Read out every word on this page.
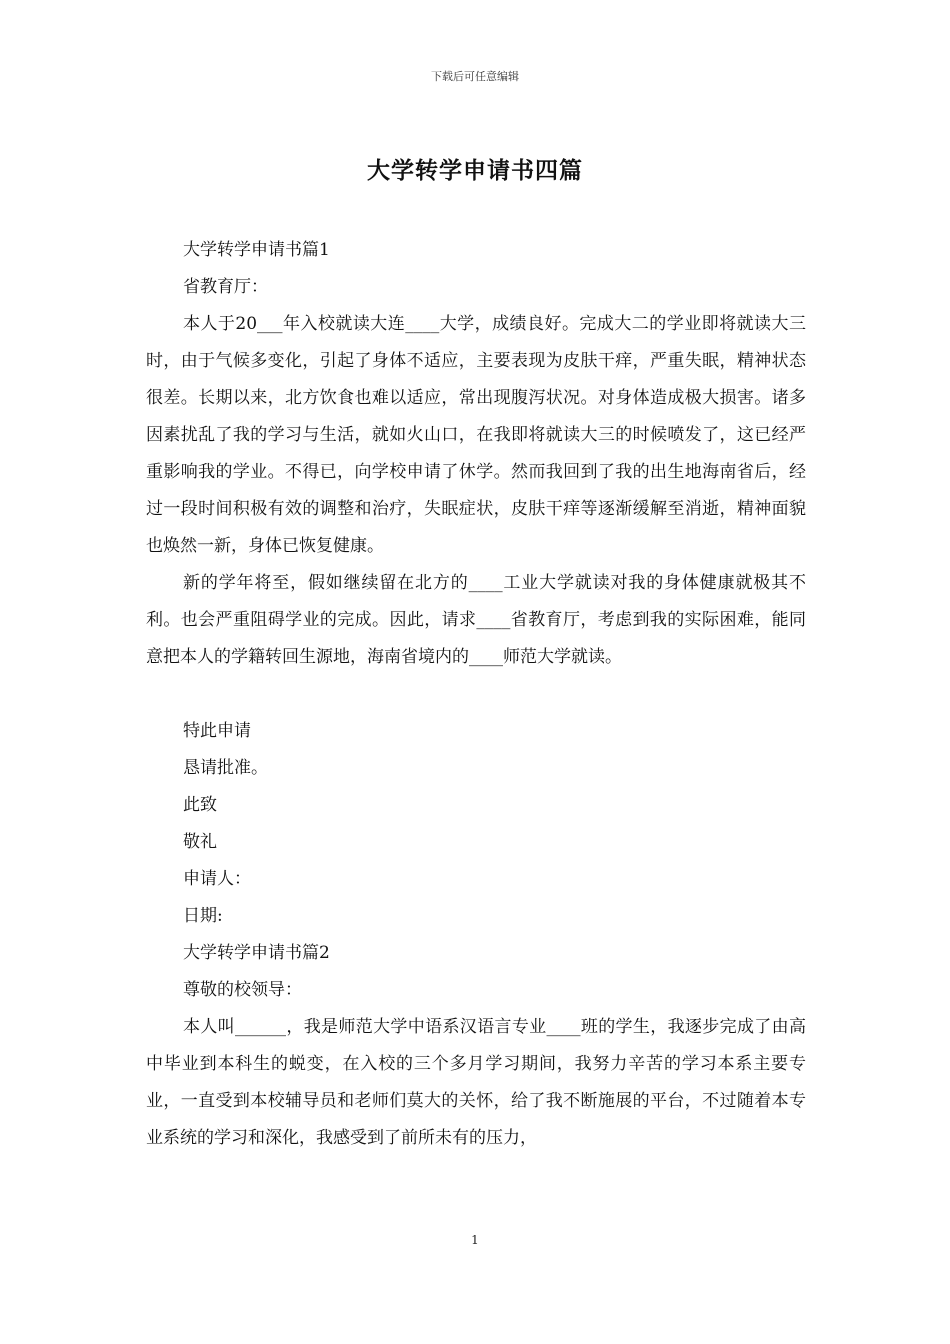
下载后可任意编辑
大学转学申请书四篇

大学转学申请书篇1

省教育厅：

本人于20___年入校就读大连____大学，成绩良好。完成大二的学业即将就读大三时，由于气候多变化，引起了身体不适应，主要表现为皮肤干痒，严重失眠，精神状态很差。长期以来，北方饮食也难以适应，常出现腹泻状况。对身体造成极大损害。诸多因素扰乱了我的学习与生活，就如火山口，在我即将就读大三的时候喷发了，这已经严重影响我的学业。不得已，向学校申请了休学。然而我回到了我的出生地海南省后，经过一段时间积极有效的调整和治疗，失眠症状，皮肤干痒等逐渐缓解至消逝，精神面貌也焕然一新，身体已恢复健康。

新的学年将至，假如继续留在北方的____工业大学就读对我的身体健康就极其不利。也会严重阻碍学业的完成。因此，请求____省教育厅，考虑到我的实际困难，能同意把本人的学籍转回生源地，海南省境内的____师范大学就读。

特此申请

恳请批准。

此致

敬礼

申请人：

日期:

大学转学申请书篇2

尊敬的校领导：

本人叫______，我是师范大学中语系汉语言专业____班的学生，我逐步完成了由高中毕业到本科生的蜕变，在入校的三个多月学习期间，我努力辛苦的学习本系主要专业，一直受到本校辅导员和老师们莫大的关怀，给了我不断施展的平台，不过随着本专业系统的学习和深化，我感受到了前所未有的压力，

1
